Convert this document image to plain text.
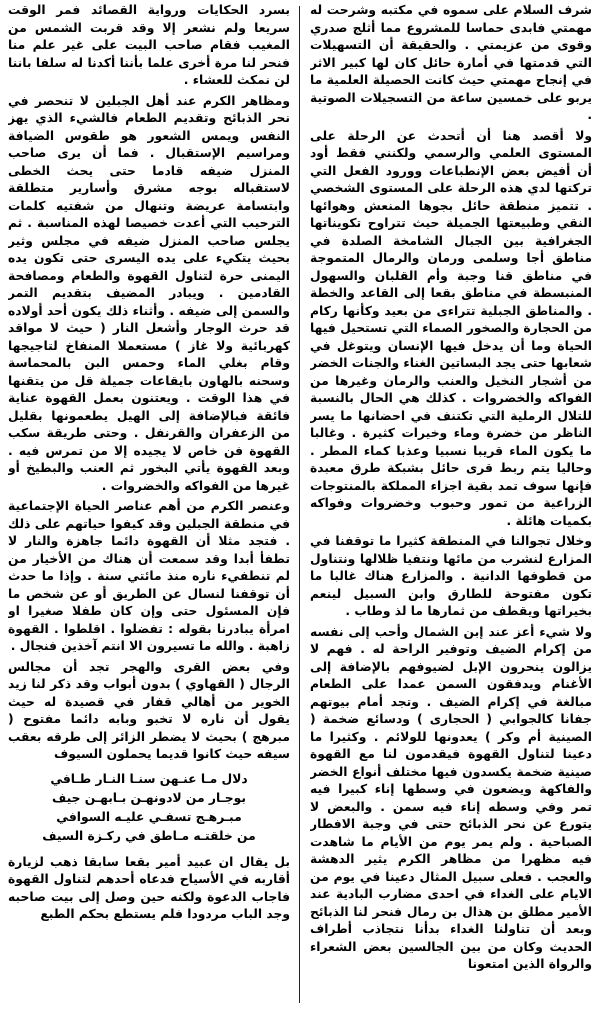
شرف السلام على سموه في مكتبه وشرحت له مهمتي فابدى حماسا للمشروع مما أثلج صدري وقوى من عزيمتي . والحقيقة أن التسهيلات التي قدمتها في أمارة حائل كان لها كبير الاثر في إنجاح مهمتي حيث كانت الحصيلة العلمية ما يربو على خمسين ساعة من التسجيلات الصوتية .

ولا أقصد هنا أن أتحدث عن الرحلة على المستوى العلمي والرسمي ولكنني فقط أود أن أفيض بعض الإنطباعات وورود الفعل التي تركتها لدي هذه الرحلة على المستوى الشخصي . تتميز منطقة حائل بجوها المنعش وهوائها النقي وطبيعتها الجميلة حيث تتراوح تكويناتها الجغرافية بين الجبال الشامخة الصلدة في مناطق أجا وسلمى ورمان والرمال المتموجة في مناطق قنا وجبة وأم القلبان والسهول المنبسطة في مناطق بقعا إلى القاعد والخطة . والمناطق الجبلية تتراءى من بعيد وكأنها ركام من الحجارة والصخور الصماء التي تستحيل فيها الحياة وما أن يدخل فيها الإنسان ويتوغل في شعابها حتى يجد البساتين الغناء والجنات الخضر من أشجار النخيل والعنب والرمان وغيرها من الفواكه والخضروات . كذلك هي الحال بالنسبة للتلال الرملية التي تكتنف في احضانها ما يسر الناظر من خضرة وماء وخيرات كثيرة . وغالبا ما يكون الماء قريبا نسبيا وعذبا كماء المطر . وحاليا يتم ربط قرى حائل بشبكة طرق معبدة فإنها سوف تمد بقية اجزاء المملكة بالمنتوجات الزراعية من تمور وحبوب وخضروات وفواكه بكميات هائلة .

وخلال تجوالنا في المنطقة كثيرا ما توقفنا في المزارع لنشرب من مائها ونتفيا ظلالها ونتناول من قطوفها الدانية . والمزارع هناك غالبا ما تكون مفتوحة للطارق وابن السبيل لينعم بخيراتها ويقطف من ثمارها ما لذ وطاب .

ولا شيء أعز عند إبن الشمال وأحب إلى نفسه من إكرام الضيف وتوفير الراحة له . فهم لا يزالون ينحرون الإبل لضيوفهم بالإضافة إلى الأغنام ويدفقون السمن عمدا على الطعام مبالغة في إكرام الضيف . وتجد أمام بيوتهم جفانا كالجوابي ( الحجارى ) ودسائع ضخمة ( الصينية أم وكر ) يعدونها للولائم . وكثيرا ما دعينا لتناول القهوة فيقدمون لنا مع القهوة صينية ضخمة يكسدون فيها مختلف أنواع الخضر والفاكهة ويضعون في وسطها إناء كبيرا فيه تمر وفي وسطه إناء فيه سمن . والبعض لا يتورع عن نحر الذبائح حتى في وجبة الافطار الصباحية . ولم يمر يوم من الأيام ما شاهدت فيه مظهرا من مظاهر الكرم يثير الدهشة والعجب . فعلى سبيل المثال دعينا في يوم من الايام على الغداء في احدى مضارب البادية عند الأمير مطلق بن هذال بن رمال فنحر لنا الذبائح وبعد أن تناولنا الغداء بدأنا نتجاذب أطراف الحديث وكان من بين الجالسين بعض الشعراء والرواة الذين امتعونا

بسرد الحكايات ورواية القصائد فمر الوقت سريعا ولم نشعر إلا وقد قربت الشمس من المغيب فقام صاحب البيت على غير علم منا فنحر لنا مرة أخرى علما بأننا أكدنا له سلفا باننا لن نمكث للعشاء .

ومظاهر الكرم عند أهل الجبلين لا تنحصر في نحر الذبائح وتقديم الطعام فالشيء الذي يهز النفس ويمس الشعور هو طقوس الضيافة ومراسيم الإستقبال . فما أن يرى صاحب المنزل ضيفه قادما حتى يحث الخطى لاستقباله بوجه مشرق وأسارير متطلقة وابتسامة عريضة وتنهال من شفتيه كلمات الترحيب التي أعدت خصيصا لهذه المناسبة . ثم يجلس صاحب المنزل ضيفه في مجلس وثير بحيث يتكيء على يده اليسرى حتى تكون يده اليمنى حرة لتناول القهوة والطعام ومصافحة القادمين . ويبادر المضيف بتقديم التمر والسمن إلى ضيفه . وأثناء ذلك يكون أحد أولاده قد حرث الوجار وأشعل النار ( حيث لا مواقد كهربائية ولا غاز ) مستعملا المنفاخ لتاجيجها وقام بغلي الماء وحمس البن بالمحماسة وسحنه بالهاون بايقاعات جميلة قل من يتقنها في هذا الوقت . ويعتنون بعمل القهوة عناية فائقة فبالإضافة إلى الهيل يطعمونها بقليل من الزعفران والقرنفل . وحتى طريقة سكب القهوة فن خاص لا يجيده إلا من تمرس فيه . وبعد القهوة يأتي البخور ثم العنب والبطيخ أو غيرها من الفواكه والخضروات .

وعنصر الكرم من أهم عناصر الحياة الإجتماعية في منطقة الجبلين وقد كيفوا حياتهم على ذلك . فتجد مثلا أن القهوة دائما جاهزة والنار لا تطفأ أبدا وقد سمعت أن هناك من الأخيار من لم تنطفيء ناره منذ مائتي سنة . وإذا ما حدث أن توقفنا لنسال عن الطريق أو عن شخص ما فإن المسئول حتى وإن كان طفلا صغيرا او امرأة يبادرنا بقوله : تفضلوا . اقلطوا . القهوة زاهبة . والله ما تسيرون الا انتم آخذين فنجال .

وفي بعض القرى والهجر تجد أن مجالس الرجال ( القهاوي ) بدون أبواب وقد ذكر لنا زيد الخوير من أهالي قفار في قصيدة له حيث يقول أن ناره لا تخبو وبابه دائما مفتوح ( مبرهج ) بحيث لا يضطر الزائر إلى طرقه بعقب سيفه حيث كانوا قديما يحملون السيوف

دلال مـا عنـهن سنـا النـار طـافي
بوجـار من لادونهـن بـابهـن جيف
مبـرهـج تسفـي عليـه السوافي
من خلقتـه مـاطق في ركـزة السيف

بل يقال ان عبيد أمير بقعا سابقا ذهب لزيارة أقاربه في الأسياح فدعاه أحدهم لتناول القهوة فاجاب الدعوة ولكنه حين وصل إلى بيت صاحبه وجد الباب مردودا فلم يستطع بحكم الطبع
